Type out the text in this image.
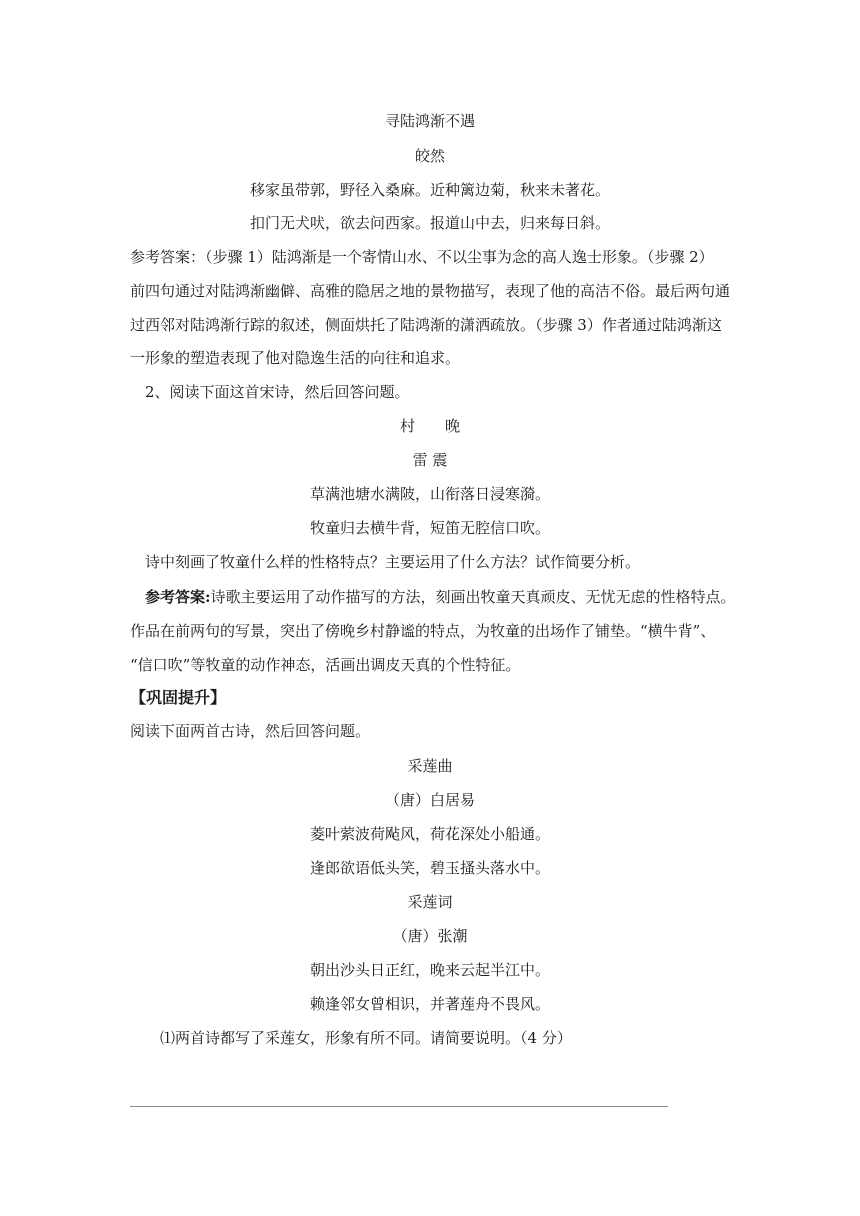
寻陆鸿渐不遇
皎然
移家虽带郭，野径入桑麻。近种篱边菊，秋来未著花。
扣门无犬吠，欲去问西家。报道山中去，归来每日斜。
参考答案：（步骤 1）陆鸿渐是一个寄情山水、不以尘事为念的高人逸士形象。（步骤 2）
前四句通过对陆鸿渐幽僻、高雅的隐居之地的景物描写，表现了他的高洁不俗。最后两句通
过西邻对陆鸿渐行踪的叙述，侧面烘托了陆鸿渐的潇洒疏放。（步骤 3）作者通过陆鸿渐这
一形象的塑造表现了他对隐逸生活的向往和追求。
2、阅读下面这首宋诗，然后回答问题。
村　　晚
雷 震
草满池塘水满陂，山衔落日浸寒漪。
牧童归去横牛背，短笛无腔信口吹。
诗中刻画了牧童什么样的性格特点？主要运用了什么方法？试作简要分析。
参考答案:诗歌主要运用了动作描写的方法，刻画出牧童天真顽皮、无忧无虑的性格特点。
作品在前两句的写景，突出了傍晚乡村静谧的特点，为牧童的出场作了铺垫。“横牛背”、
“信口吹”等牧童的动作神态，活画出调皮天真的个性特征。
【巩固提升】
阅读下面两首古诗，然后回答问题。
采莲曲
（唐）白居易
菱叶萦波荷飐风，荷花深处小船通。
逢郎欲语低头笑，碧玉搔头落水中。
采莲词
（唐）张潮
朝出沙头日正红，晚来云起半江中。
赖逢邻女曾相识，并著莲舟不畏风。
⑴两首诗都写了采莲女，形象有所不同。请简要说明。（4 分）
